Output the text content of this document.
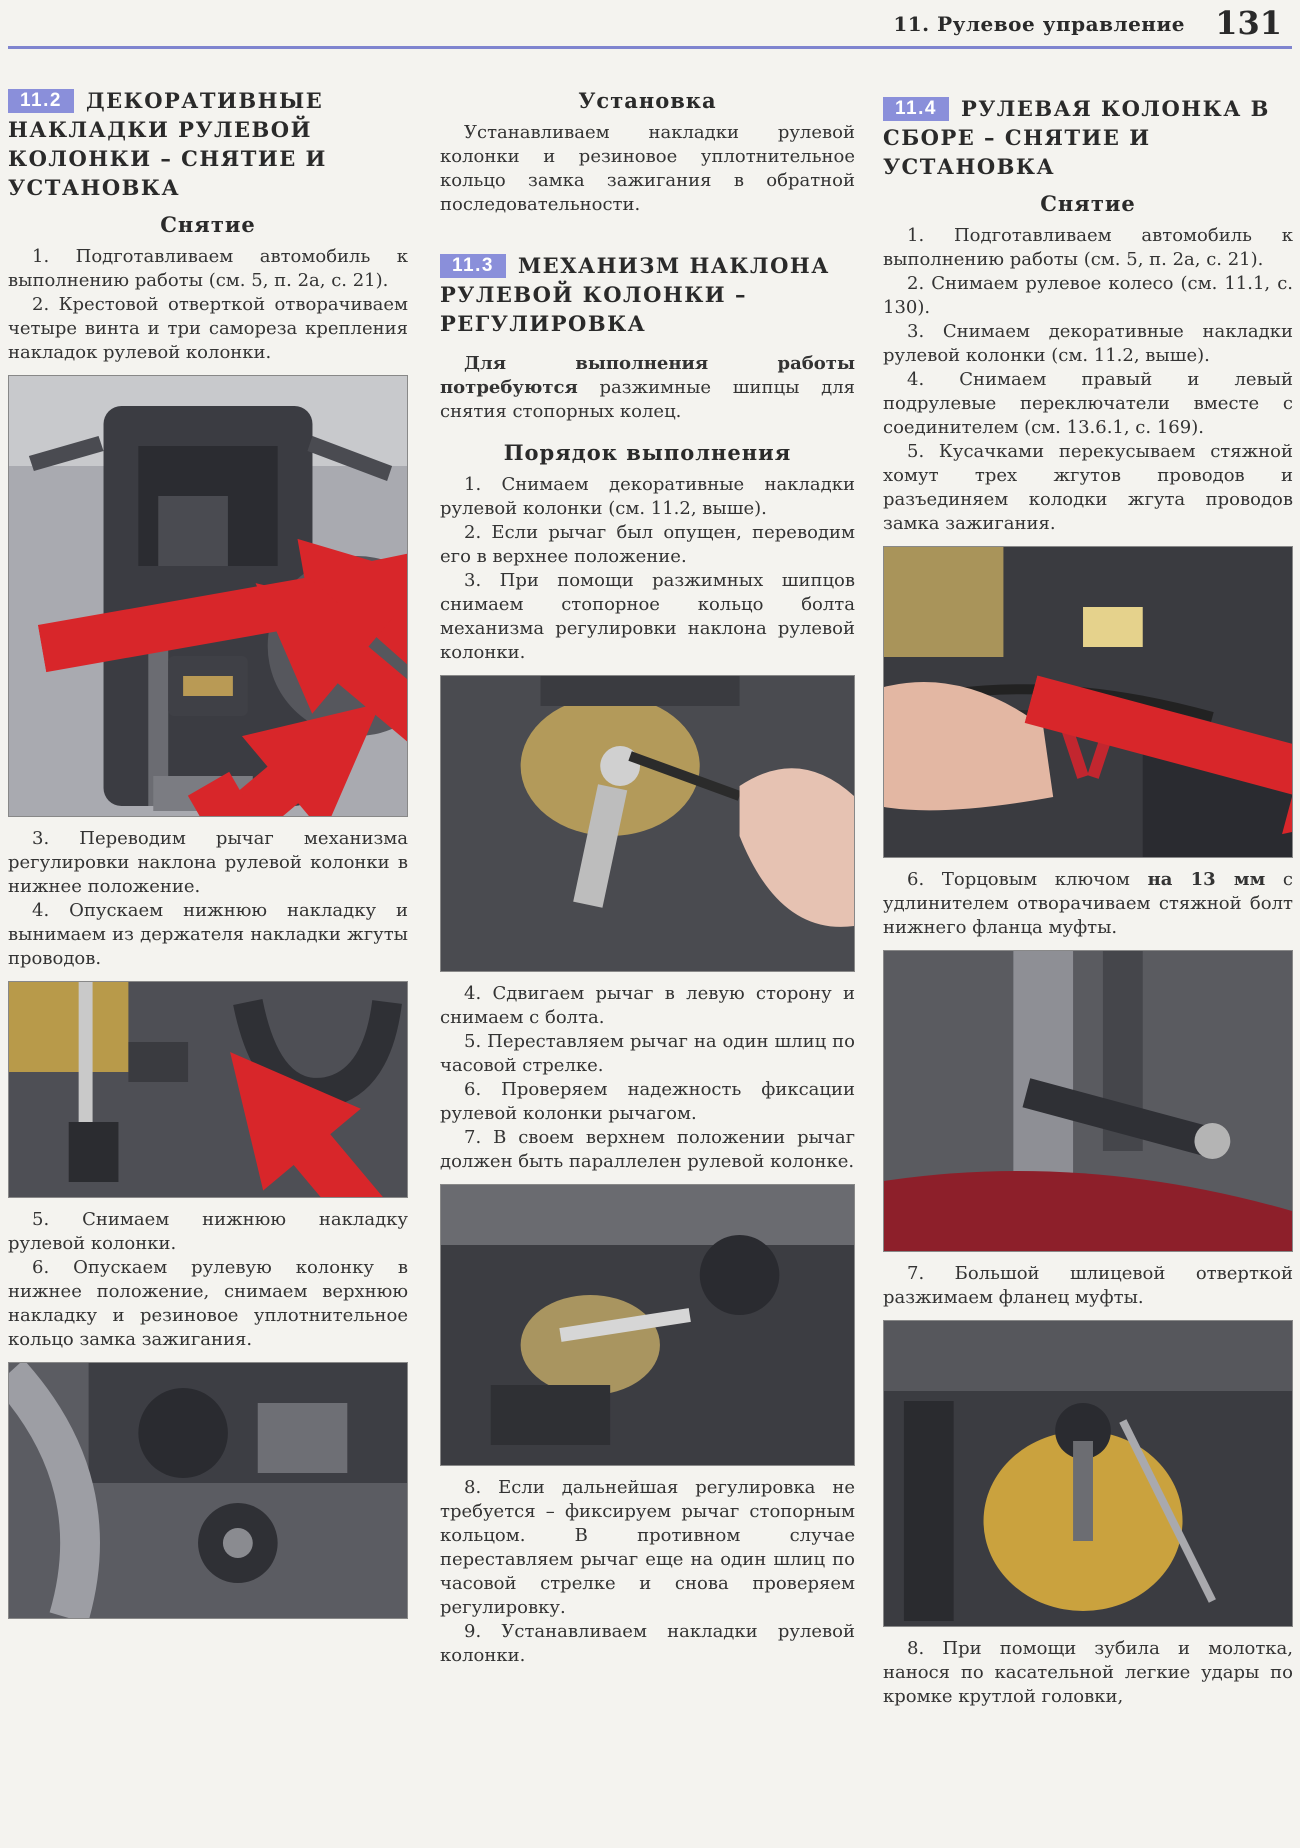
11. Рулевое управление 131
11.2 ДЕКОРАТИВНЫЕ НАКЛАДКИ РУЛЕВОЙ КОЛОНКИ – СНЯТИЕ И УСТАНОВКА
Снятие

1. Подготавливаем автомобиль к выполнению работы (см. 5, п. 2а, с. 21).

2. Крестовой отверткой отворачиваем четыре винта и три самореза крепления накладок рулевой колонки.

3. Переводим рычаг механизма регулировки наклона рулевой колонки в нижнее положение.

4. Опускаем нижнюю накладку и вынимаем из держателя накладки жгуты проводов.

5. Снимаем нижнюю накладку рулевой колонки.

6. Опускаем рулевую колонку в нижнее положение, снимаем верхнюю накладку и резиновое уплотнительное кольцо замка зажигания.

Установка

Устанавливаем накладки рулевой колонки и резиновое уплотнительное кольцо замка зажигания в обратной последовательности.

11.3 МЕХАНИЗМ НАКЛОНА РУЛЕВОЙ КОЛОНКИ – РЕГУЛИРОВКА

Для выполнения работы потребуются разжимные шипцы для снятия стопорных колец.

Порядок выполнения

1. Снимаем декоративные накладки рулевой колонки (см. 11.2, выше).

2. Если рычаг был опущен, переводим его в верхнее положение.

3. При помощи разжимных шипцов снимаем стопорное кольцо болта механизма регулировки наклона рулевой колонки.

4. Сдвигаем рычаг в левую сторону и снимаем с болта.

5. Переставляем рычаг на один шлиц по часовой стрелке.

6. Проверяем надежность фиксации рулевой колонки рычагом.

7. В своем верхнем положении рычаг должен быть параллелен рулевой колонке.

8. Если дальнейшая регулировка не требуется – фиксируем рычаг стопорным кольцом. В противном случае переставляем рычаг еще на один шлиц по часовой стрелке и снова проверяем регулировку.

9. Устанавливаем накладки рулевой колонки.

11.4 РУЛЕВАЯ КОЛОНКА В СБОРЕ – СНЯТИЕ И УСТАНОВКА
Снятие

1. Подготавливаем автомобиль к выполнению работы (см. 5, п. 2а, с. 21).

2. Снимаем рулевое колесо (см. 11.1, с. 130).

3. Снимаем декоративные накладки рулевой колонки (см. 11.2, выше).

4. Снимаем правый и левый подрулевые переключатели вместе с соединителем (см. 13.6.1, с. 169).

5. Кусачками перекусываем стяжной хомут трех жгутов проводов и разъединяем колодки жгута проводов замка зажигания.

6. Торцовым ключом на 13 мм с удлинителем отворачиваем стяжной болт нижнего фланца муфты.

7. Большой шлицевой отверткой разжимаем фланец муфты.

8. При помощи зубила и молотка, нанося по касательной легкие удары по кромке крутлой головки,
